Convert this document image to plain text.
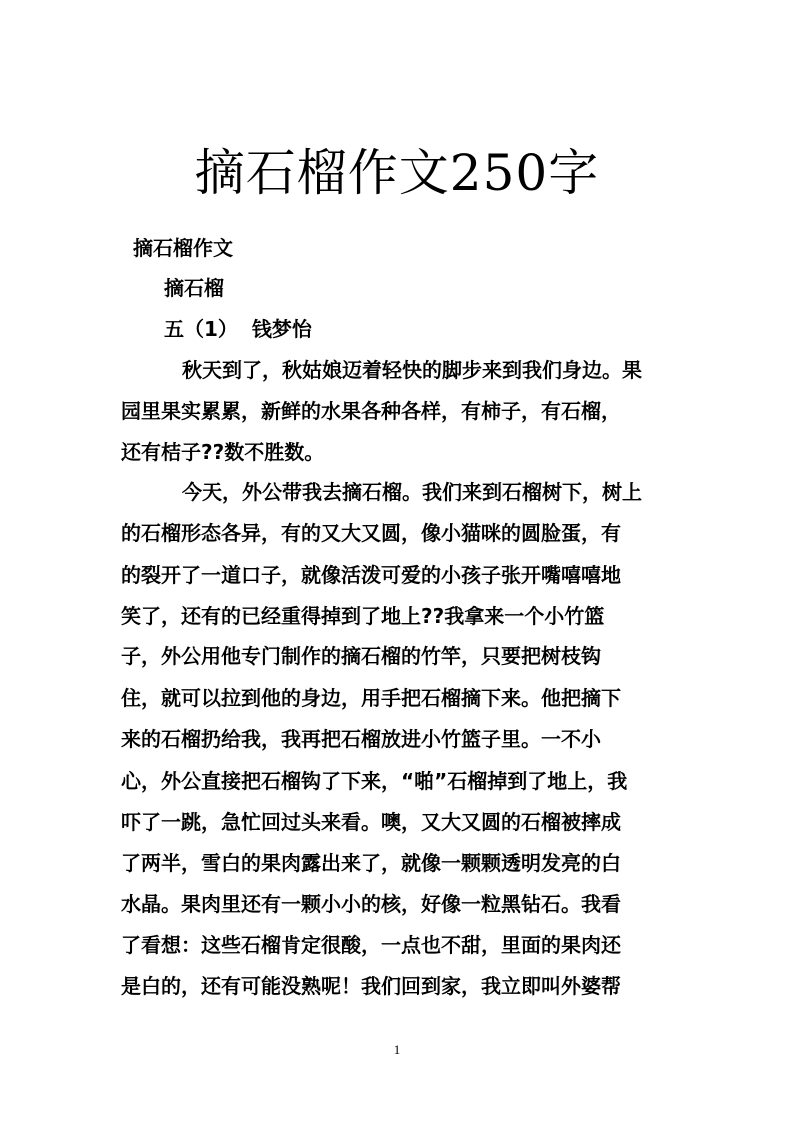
摘石榴作文250字
摘石榴作文
摘石榴
五（1）  钱梦怡
秋天到了，秋姑娘迈着轻快的脚步来到我们身边。果
园里果实累累，新鲜的水果各种各样，有柿子，有石榴，
还有桔子??数不胜数。
今天，外公带我去摘石榴。我们来到石榴树下，树上
的石榴形态各异，有的又大又圆，像小猫咪的圆脸蛋，有
的裂开了一道口子，就像活泼可爱的小孩子张开嘴嘻嘻地
笑了，还有的已经重得掉到了地上??我拿来一个小竹篮
子，外公用他专门制作的摘石榴的竹竿，只要把树枝钩
住，就可以拉到他的身边，用手把石榴摘下来。他把摘下
来的石榴扔给我，我再把石榴放进小竹篮子里。一不小
心，外公直接把石榴钩了下来，“啪”石榴掉到了地上，我
吓了一跳，急忙回过头来看。噢，又大又圆的石榴被摔成
了两半，雪白的果肉露出来了，就像一颗颗透明发亮的白
水晶。果肉里还有一颗小小的核，好像一粒黑钻石。我看
了看想：这些石榴肯定很酸，一点也不甜，里面的果肉还
是白的，还有可能没熟呢！我们回到家，我立即叫外婆帮
1
